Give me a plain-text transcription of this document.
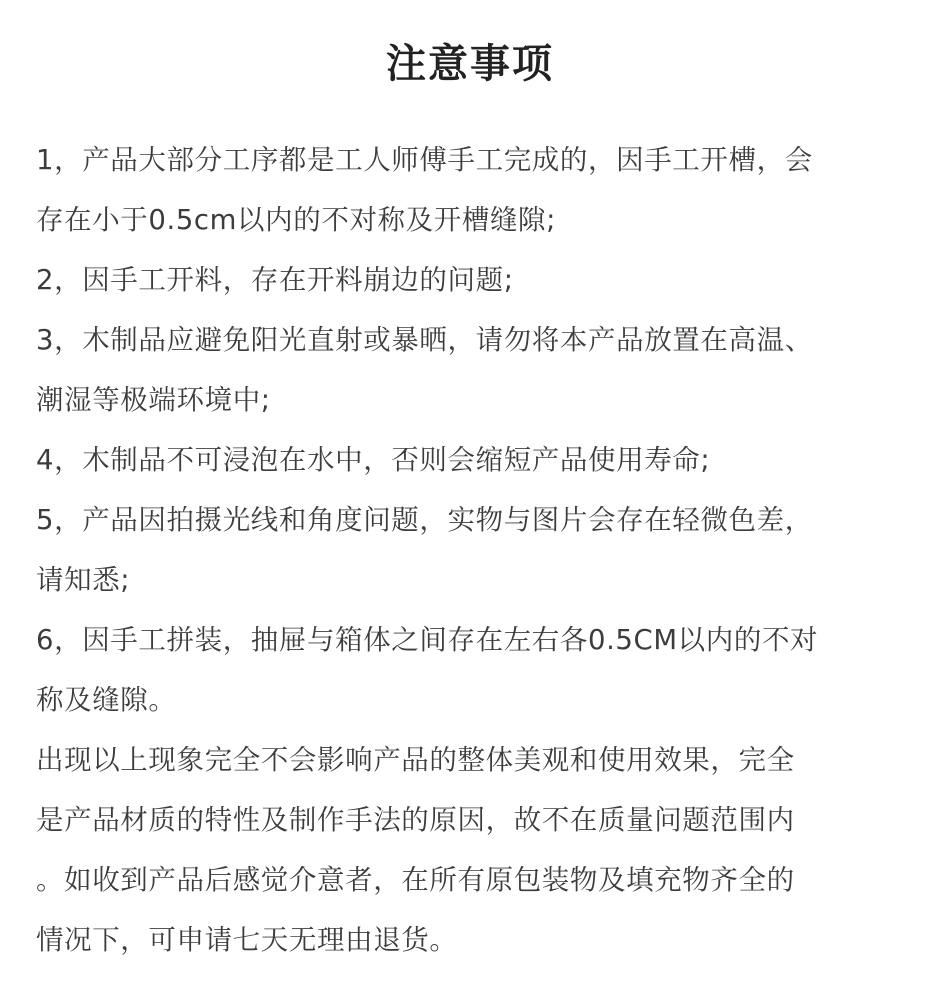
注意事项
1，产品大部分工序都是工人师傅手工完成的，因手工开槽，会
存在小于0.5cm以内的不对称及开槽缝隙;
2，因手工开料，存在开料崩边的问题;
3，木制品应避免阳光直射或暴晒，请勿将本产品放置在高温、
潮湿等极端环境中;
4，木制品不可浸泡在水中，否则会缩短产品使用寿命;
5，产品因拍摄光线和角度问题，实物与图片会存在轻微色差，
请知悉;
6，因手工拼装，抽屉与箱体之间存在左右各0.5CM以内的不对
称及缝隙。
出现以上现象完全不会影响产品的整体美观和使用效果，完全
是产品材质的特性及制作手法的原因，故不在质量问题范围内
。如收到产品后感觉介意者，在所有原包装物及填充物齐全的
情况下，可申请七天无理由退货。
